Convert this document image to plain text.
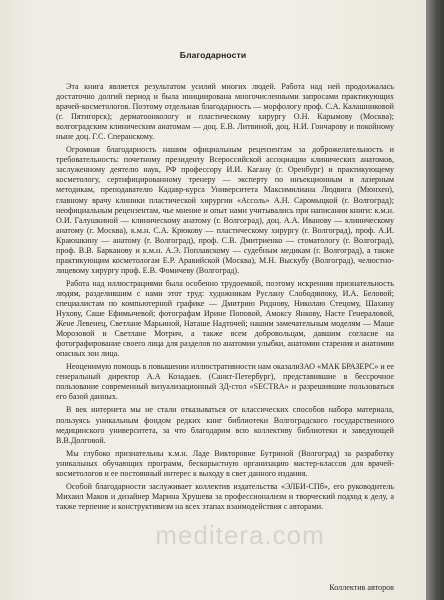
Благодарности

Эта книга является результатом усилий многих людей. Работа над ней продолжалась достаточно долгий период и была инициирована многочисленными запросами практикующих врачей-косметологов. Поэтому отдельная благодарность — морфологу проф. С.А. Калашниковой (г. Пятигорск); дерматоонкологу и пластическому хирургу О.Н. Карымову (Москва); волгоградским клиническим анатомам — доц. Е.В. Литвиной, доц. Н.И. Гончарову и покойному ныне доц. Г.С. Сперанскому.

Огромная благодарность нашим официальным рецензентам за доброжелательность и требовательность: почетному президенту Всероссийской ассоциации клинических анатомов, заслуженному деятелю наук, РФ профессору И.И. Кагану (г. Оренбург) и практикующему косметологу, сертифицированному тренеру — эксперту по инъекционным и лазерным методикам, преподавателю Кадавр-курса Университета Максимилиана Людвига (Мюнхен), главному врачу клиники пластической хирургии «Ассоль» А.Н. Саромыцкой (г. Волгоград); неофициальным рецензентам, чье мнение и опыт нами учитывались при написании книги: к.м.н. О.И. Галушкиной — клиническому анатому (г. Волгоград), доц. А.А. Иванову — клиническому анатому (г. Москва), к.м.н. С.А. Крюкову — пластическому хирургу (г. Волгоград), проф. А.И. Краюшкину — анатому (г. Волгоград), проф. С.В. Дмитриенко — стоматологу (г. Волгоград), проф. В.В. Барканову и к.м.н. А.Э. Поплавскому — судебным медикам (г. Волгоград), а также практикующим косметологам Е.Р. Аравийской (Москва), М.Н. Выскубу (Волгоград), челюстно-лицевому хирургу проф. Е.В. Фомичеву (Волгоград).

Работа над иллюстрациями была особенно трудоемкой, поэтому искренняя признательность людям, разделившим с нами этот труд: художникам Руслану Слободянюку, И.А. Беловой; специалистам по компьютерной графике — Дмитрию Риднову, Николаю Стецому, Шахину Нухову, Саше Ефимычевой; фотографам Ирине Поповой, Амоксу Янкову, Насте Генераловой, Жене Левенец, Светлане Марьиной, Наташе Надточей; нашим замечательным моделям — Маше Морозовой и Светлане Мотрич, а также всем добровольцам, давшим согласие на фотографирование своего лица для разделов по анатомии улыбки, анатомии старения и анатомии опасных зон лица.

Неоценимую помощь в повышении иллюстративности нам оказалиЗАО «МАК БРАЗЕРС» и ее генеральный директор А.А Козадаев. (Санкт-Петербург), представившие в бессрочное пользование современный визуализационный 3Д-стол «SECTRA» и разрешившие пользоваться его базой данных.

В век интернета мы не стали отказываться от классических способов набора материала, пользуясь уникальным фондом редких книг библиотеки Волгоградского государственного медицинского университета, за что благодарим всю коллективу библиотеки и заведующей В.В.Долговой.

Мы глубоко признательны к.м.н. Ладе Викторовне Бутриной (Волгоград) за разработку уникальных обучающих программ, бескорыстную организацию мастер-классов для врачей-косметологов и ее постоянный интерес к выходу в свет данного издания.

Особой благодарности заслуживает коллектив издательства «ЭЛБИ-СПб», его руководитель Михаил Маков и дизайнер Марина Хрушева за профессионализм и творческий подход к делу, а также терпение и конструктивизм на всех этапах взаимодействия с авторами.

Коллектив авторов
meditera.com
